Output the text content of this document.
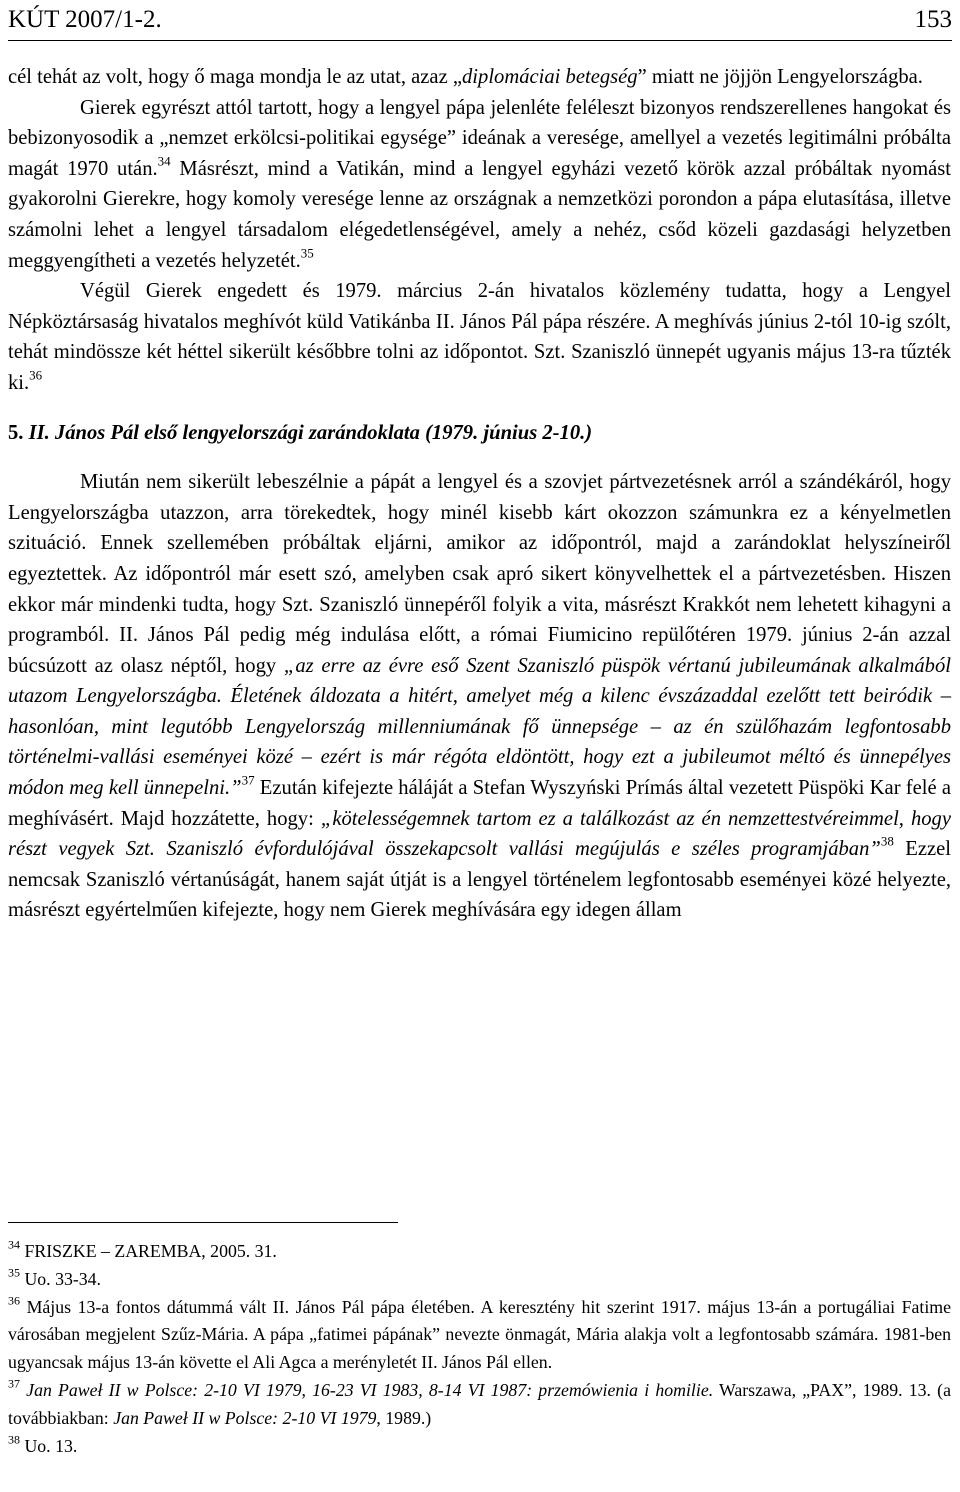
KÚT 2007/1-2.	153

cél tehát az volt, hogy ő maga mondja le az utat, azaz „diplomáciai betegség” miatt ne jöjjön Lengyelországba.

Gierek egyrészt attól tartott, hogy a lengyel pápa jelenléte feléleszt bizonyos rendszerellenes hangokat és bebizonyosodik a „nemzet erkölcsi-politikai egysége” ideának a veresége, amellyel a vezetés legitimálni próbálta magát 1970 után.$^{34}$ Másrészt, mind a Vatikán, mind a lengyel egyházi vezető körök azzal próbáltak nyomást gyakorolni Gierekre, hogy komoly veresége lenne az országnak a nemzetközi porondon a pápa elutasítása, illetve számolni lehet a lengyel társadalom elégedetlenségével, amely a nehéz, csőd közeli gazdasági helyzetben meggyengítheti a vezetés helyzetét.$^{35}$

Végül Gierek engedett és 1979. március 2-án hivatalos közlemény tudatta, hogy a Lengyel Népköztársaság hivatalos meghívót küld Vatikánba II. János Pál pápa részére. A meghívás június 2-tól 10-ig szólt, tehát mindössze két héttel sikerült későbbre tolni az időpontot. Szt. Szaniszló ünnepét ugyanis május 13-ra tűzték ki.$^{36}$

5. II. János Pál első lengyelországi zarándoklata (1979. június 2-10.)

Miután nem sikerült lebeszélnie a pápát a lengyel és a szovjet pártvezetésnek arról a szándékáról, hogy Lengyelországba utazzon, arra törekedtek, hogy minél kisebb kárt okozzon számunkra ez a kényelmetlen szituáció. Ennek szellemében próbáltak eljárni, amikor az időpontról, majd a zarándoklat helyszíneiről egyeztettek. Az időpontról már esett szó, amelyben csak apró sikert könyvelhettek el a pártvezetésben. Hiszen ekkor már mindenki tudta, hogy Szt. Szaniszló ünnepéről folyik a vita, másrészt Krakkót nem lehetett kihagyni a programból. II. János Pál pedig még indulása előtt, a római Fiumicino repülőtéren 1979. június 2-án azzal búcsúzott az olasz néptől, hogy „az erre az évre eső Szent Szaniszló püspök vértanú jubileumának alkalmából utazom Lengyelországba. Életének áldozata a hitért, amelyet még a kilenc évszázaddal ezelőtt tett beiródik – hasonlóan, mint legutóbb Lengyelország millenniumának fő ünnepsége – az én szülőhazám legfontosabb történelmi-vallási eseményei közé – ezért is már régóta eldöntött, hogy ezt a jubileumot méltó és ünnepélyes módon meg kell ünnepelni.”$^{37}$ Ezután kifejezte háláját a Stefan Wyszyński Prímás által vezetett Püspöki Kar felé a meghívásért. Majd hozzátette, hogy: „kötelességemnek tartom ez a találkozást az én nemzettestvéreimmel, hogy részt vegyek Szt. Szaniszló évfordulójával összekapcsolt vallási megújulás e széles programjában”$^{38}$ Ezzel nemcsak Szaniszló vértanúságát, hanem saját útját is a lengyel történelem legfontosabb eseményei közé helyezte, másrészt egyértelműen kifejezte, hogy nem Gierek meghívására egy idegen állam

$^{34}$ FRISZKE – ZAREMBA, 2005. 31.

$^{35}$ Uo. 33-34.

$^{36}$ Május 13-a fontos dátummá vált II. János Pál pápa életében. A keresztény hit szerint 1917. május 13-án a portugáliai Fatime városában megjelent Szűz-Mária. A pápa „fatimei pápának” nevezte önmagát, Mária alakja volt a legfontosabb számára. 1981-ben ugyancsak május 13-án követte el Ali Agca a merényletét II. János Pál ellen.

$^{37}$ Jan Paweł II w Polsce: 2-10 VI 1979, 16-23 VI 1983, 8-14 VI 1987: przemówienia i homilie. Warszawa, „PAX”, 1989. 13. (a továbbiakban: Jan Paweł II w Polsce: 2-10 VI 1979, 1989.)

$^{38}$ Uo. 13.
